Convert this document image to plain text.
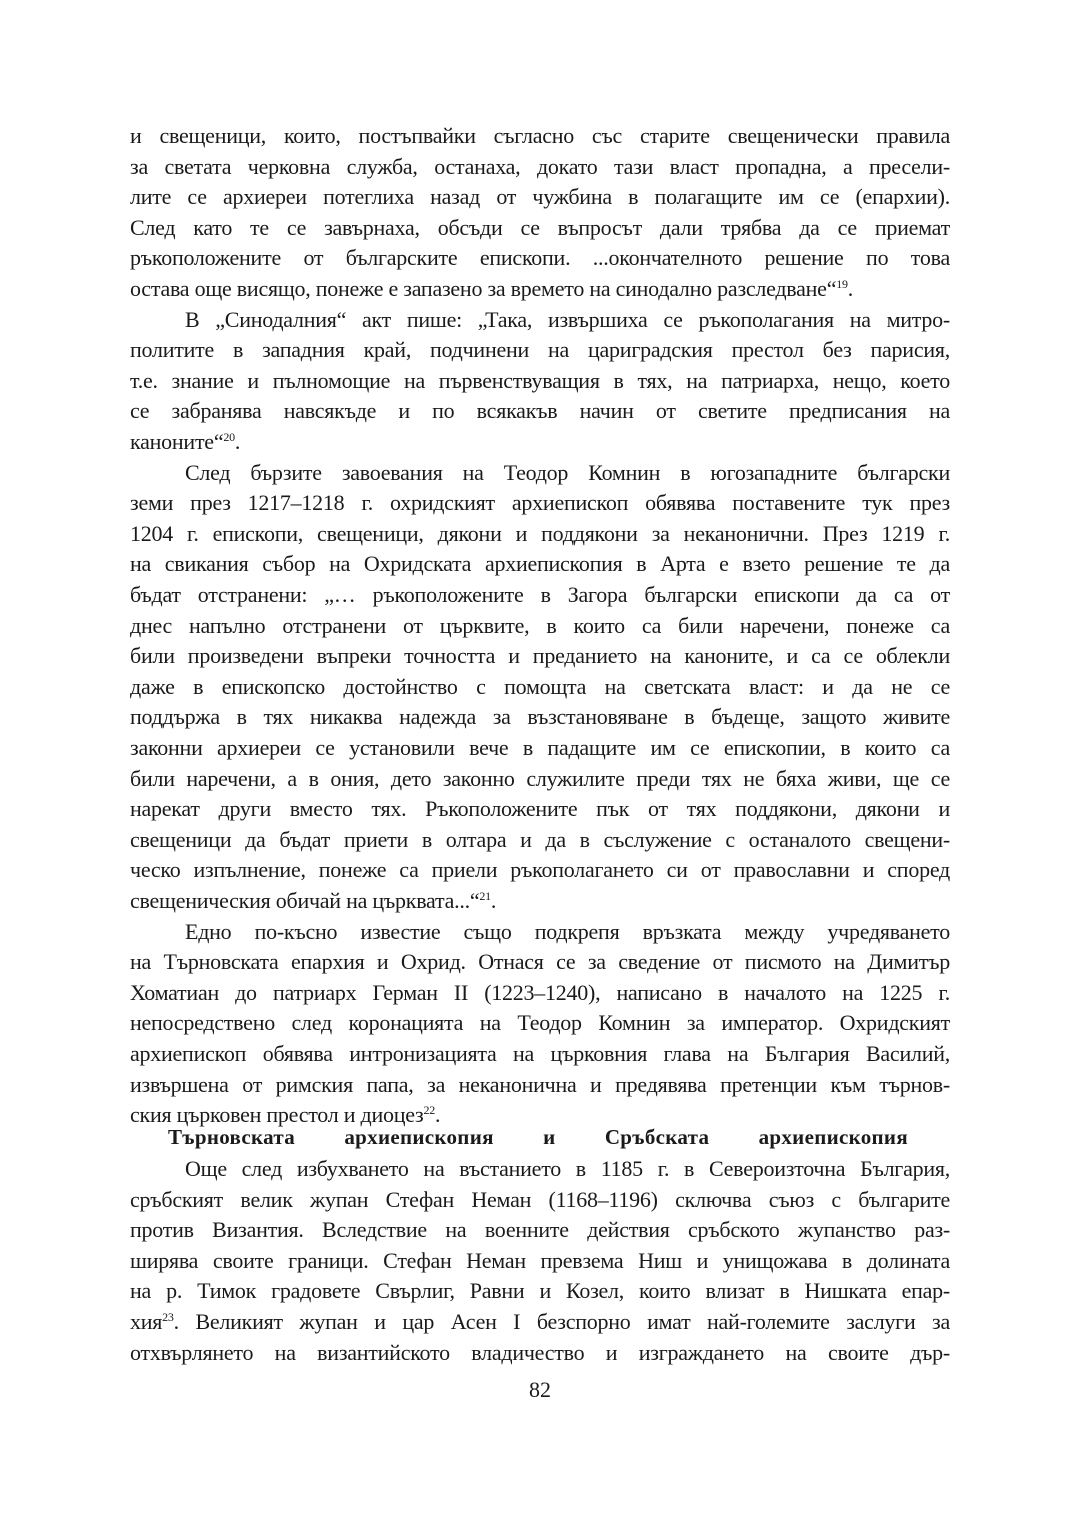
и свещеници, които, постъпвайки съгласно със старите свещенически правила
за светата черковна служба, останаха, докато тази власт пропадна, а пресели-
лите се архиереи потеглиха назад от чужбина в полагащите им се (епархии).
След като те се завърнаха, обсъди се въпросът дали трябва да се приемат
ръкоположените от българските епископи. ...окончателното решение по това
остава още висящо, понеже е запазено за времето на синодално разследване“$^{19}$.
В „Синодалния“ акт пише: „Така, извършиха се ръкополагания на митро-
политите в западния край, подчинени на цариградския престол без парисия,
т.е. знание и пълномощие на първенствуващия в тях, на патриарха, нещо, което
се забранява навсякъде и по всякакъв начин от светите предписания на
каноните“$^{20}$.
След бързите завоевания на Теодор Комнин в югозападните български
земи през 1217–1218 г. охридският архиепископ обявява поставените тук през
1204 г. епископи, свещеници, дякони и поддякони за неканонични. През 1219 г.
на свикания събор на Охридската архиепископия в Арта е взето решение те да
бъдат отстранени: „… ръкоположените в Загора български епископи да са от
днес напълно отстранени от църквите, в които са били наречени, понеже са
били произведени въпреки точността и преданието на каноните, и са се облекли
даже в епископско достойнство с помощта на светската власт: и да не се
поддържа в тях никаква надежда за възстановяване в бъдеще, защото живите
законни архиереи се установили вече в падащите им се епископии, в които са
били наречени, а в ония, дето законно служилите преди тях не бяха живи, ще се
нарекат други вместо тях. Ръкоположените пък от тях поддякони, дякони и
свещеници да бъдат приети в олтара и да в съслужение с останалото свещени-
ческо изпълнение, понеже са приели ръкополагането си от православни и според
свещеническия обичай на църквата...“$^{21}$.
Едно по-късно известие също подкрепя връзката между учредяването
на Търновската епархия и Охрид. Отнася се за сведение от писмото на Димитър
Хоматиан до патриарх Герман II (1223–1240), написано в началото на 1225 г.
непосредствено след коронацията на Теодор Комнин за император. Охридският
архиепископ обявява интронизацията на църковния глава на България Василий,
извършена от римския папа, за неканонична и предявява претенции към търнов-
ския църковен престол и диоцез$^{22}$.
Търновската архиепископия и Сръбската архиепископия
Още след избухването на въстанието в 1185 г. в Североизточна България,
сръбският велик жупан Стефан Неман (1168–1196) сключва съюз с българите
против Византия. Вследствие на военните действия сръбското жупанство раз-
ширява своите граници. Стефан Неман превзема Ниш и унищожава в долината
на р. Тимок градовете Свърлиг, Равни и Козел, които влизат в Нишката епар-
хия$^{23}$. Великият жупан и цар Асен I безспорно имат най-големите заслуги за
отхвърлянето на византийското владичество и изграждането на своите дър-
82
